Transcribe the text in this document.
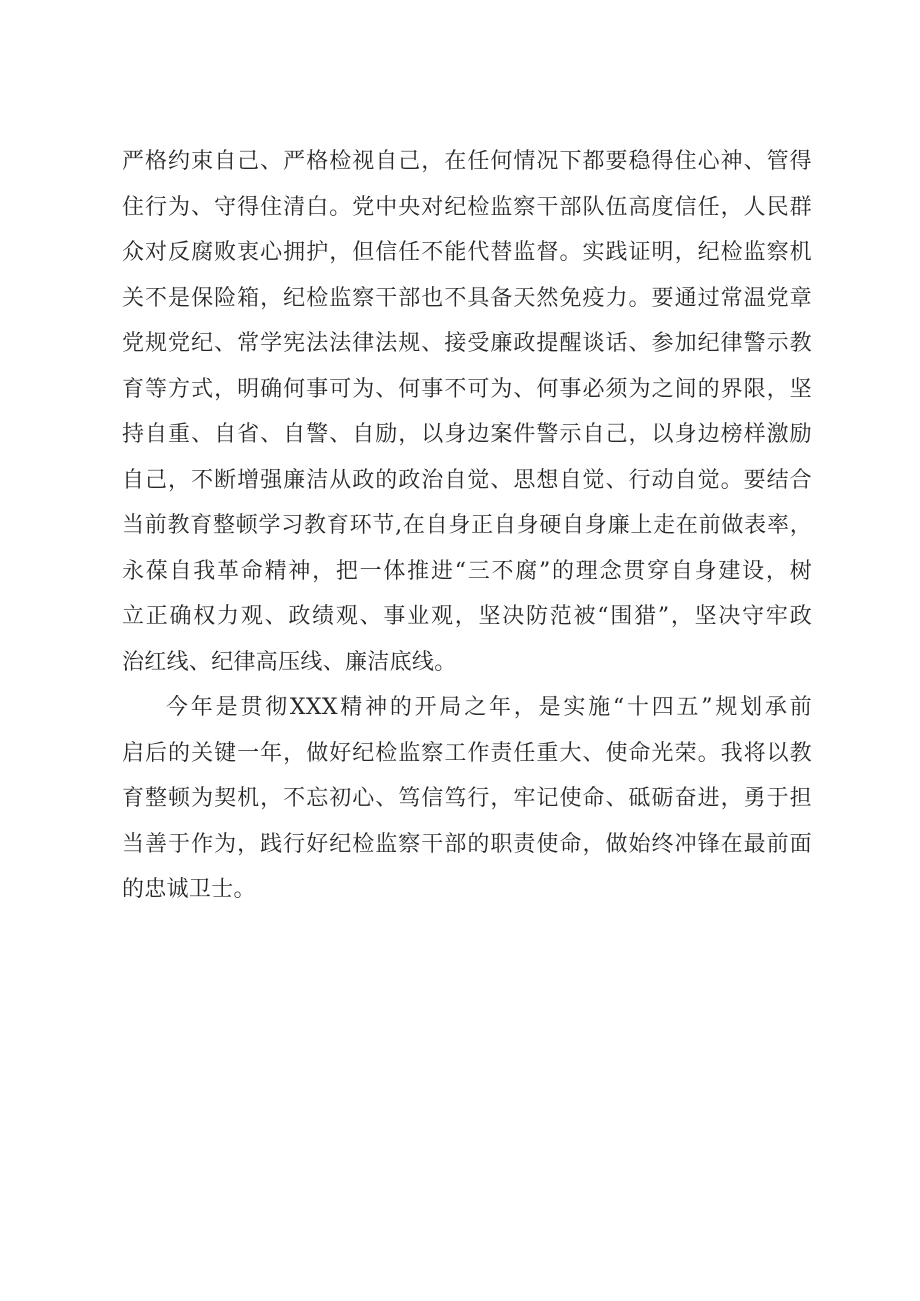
严格约束自己、严格检视自己，在任何情况下都要稳得住心神、管得
住行为、守得住清白。党中央对纪检监察干部队伍高度信任，人民群
众对反腐败衷心拥护，但信任不能代替监督。实践证明，纪检监察机
关不是保险箱，纪检监察干部也不具备天然免疫力。要通过常温党章
党规党纪、常学宪法法律法规、接受廉政提醒谈话、参加纪律警示教
育等方式，明确何事可为、何事不可为、何事必须为之间的界限，坚
持自重、自省、自警、自励，以身边案件警示自己，以身边榜样激励
自己，不断增强廉洁从政的政治自觉、思想自觉、行动自觉。要结合
当前教育整顿学习教育环节,在自身正自身硬自身廉上走在前做表率，
永葆自我革命精神，把一体推进“三不腐”的理念贯穿自身建设，树
立正确权力观、政绩观、事业观，坚决防范被“围猎”，坚决守牢政
治红线、纪律高压线、廉洁底线。
今年是贯彻XXX精神的开局之年，是实施“十四五”规划承前
启后的关键一年，做好纪检监察工作责任重大、使命光荣。我将以教
育整顿为契机，不忘初心、笃信笃行，牢记使命、砥砺奋进，勇于担
当善于作为，践行好纪检监察干部的职责使命，做始终冲锋在最前面
的忠诚卫士。
